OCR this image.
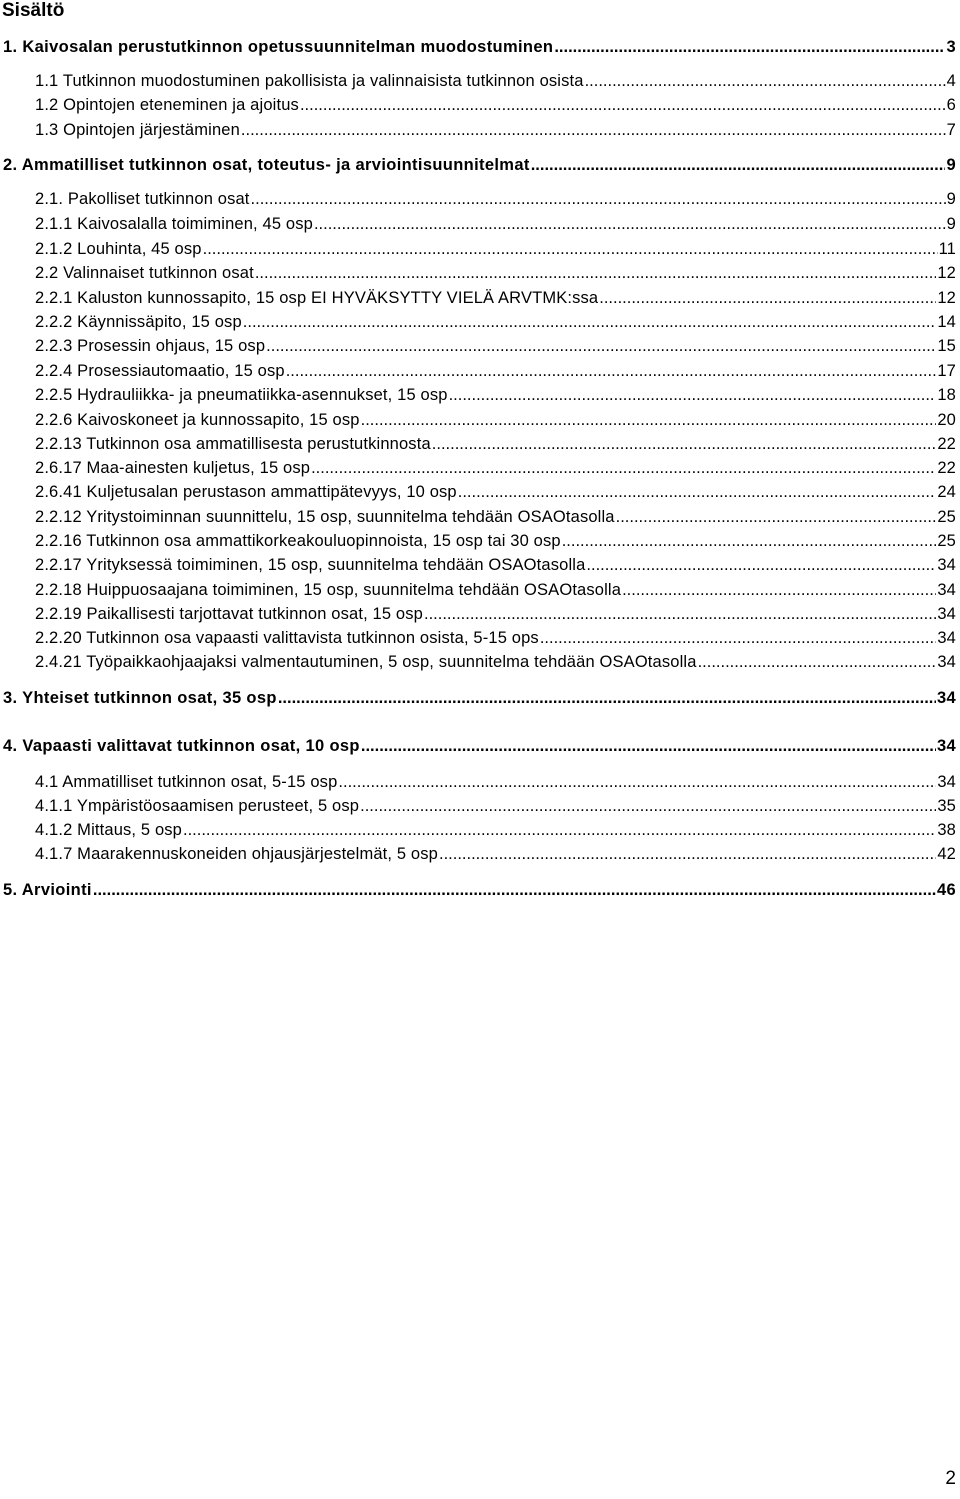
Sisältö
1. Kaivosalan perustutkinnon opetussuunnitelman muodostuminen .....	3
1.1 Tutkinnon muodostuminen pakollisista ja valinnaisista tutkinnon osista .....	4
1.2 Opintojen eteneminen ja ajoitus .....	6
1.3 Opintojen järjestäminen .....	7
2. Ammatilliset tutkinnon osat, toteutus- ja arviointisuunnitelmat .....	9
2.1. Pakolliset tutkinnon osat .....	9
2.1.1 Kaivosalalla toimiminen, 45 osp .....	9
2.1.2 Louhinta, 45 osp .....	11
2.2 Valinnaiset tutkinnon osat .....	12
2.2.1 Kaluston kunnossapito, 15 osp EI HYVÄKSYTTY VIELÄ ARVTMK:ssa .....	12
2.2.2 Käynnissäpito, 15 osp .....	14
2.2.3 Prosessin ohjaus, 15 osp .....	15
2.2.4 Prosessiautomaatio, 15 osp .....	17
2.2.5 Hydrauliikka- ja pneumatiikka-asennukset, 15 osp .....	18
2.2.6 Kaivoskoneet ja kunnossapito, 15 osp .....	20
2.2.13 Tutkinnon osa ammatillisesta perustutkinnosta .....	22
2.6.17 Maa-ainesten kuljetus, 15 osp .....	22
2.6.41 Kuljetusalan perustason ammattipätevyys, 10 osp .....	24
2.2.12 Yritystoiminnan suunnittelu, 15 osp, suunnitelma tehdään OSAOtasolla .....	25
2.2.16 Tutkinnon osa ammattikorkeakouluopinnoista, 15 osp tai 30 osp .....	25
2.2.17 Yrityksessä toimiminen, 15 osp, suunnitelma tehdään OSAOtasolla .....	34
2.2.18 Huippuosaajana toimiminen, 15 osp, suunnitelma tehdään OSAOtasolla .....	34
2.2.19 Paikallisesti tarjottavat tutkinnon osat, 15 osp .....	34
2.2.20 Tutkinnon osa vapaasti valittavista tutkinnon osista, 5-15 ops .....	34
2.4.21 Työpaikkaohjaajaksi valmentautuminen, 5 osp, suunnitelma tehdään OSAOtasolla .....	34
3. Yhteiset tutkinnon osat, 35 osp .....	34
4. Vapaasti valittavat tutkinnon osat, 10 osp .....	34
4.1 Ammatilliset tutkinnon osat, 5-15 osp .....	34
4.1.1 Ympäristöosaamisen perusteet, 5 osp .....	35
4.1.2 Mittaus, 5 osp .....	38
4.1.7 Maarakennuskoneiden ohjausjärjestelmät, 5 osp .....	42
5. Arviointi .....	46
2
